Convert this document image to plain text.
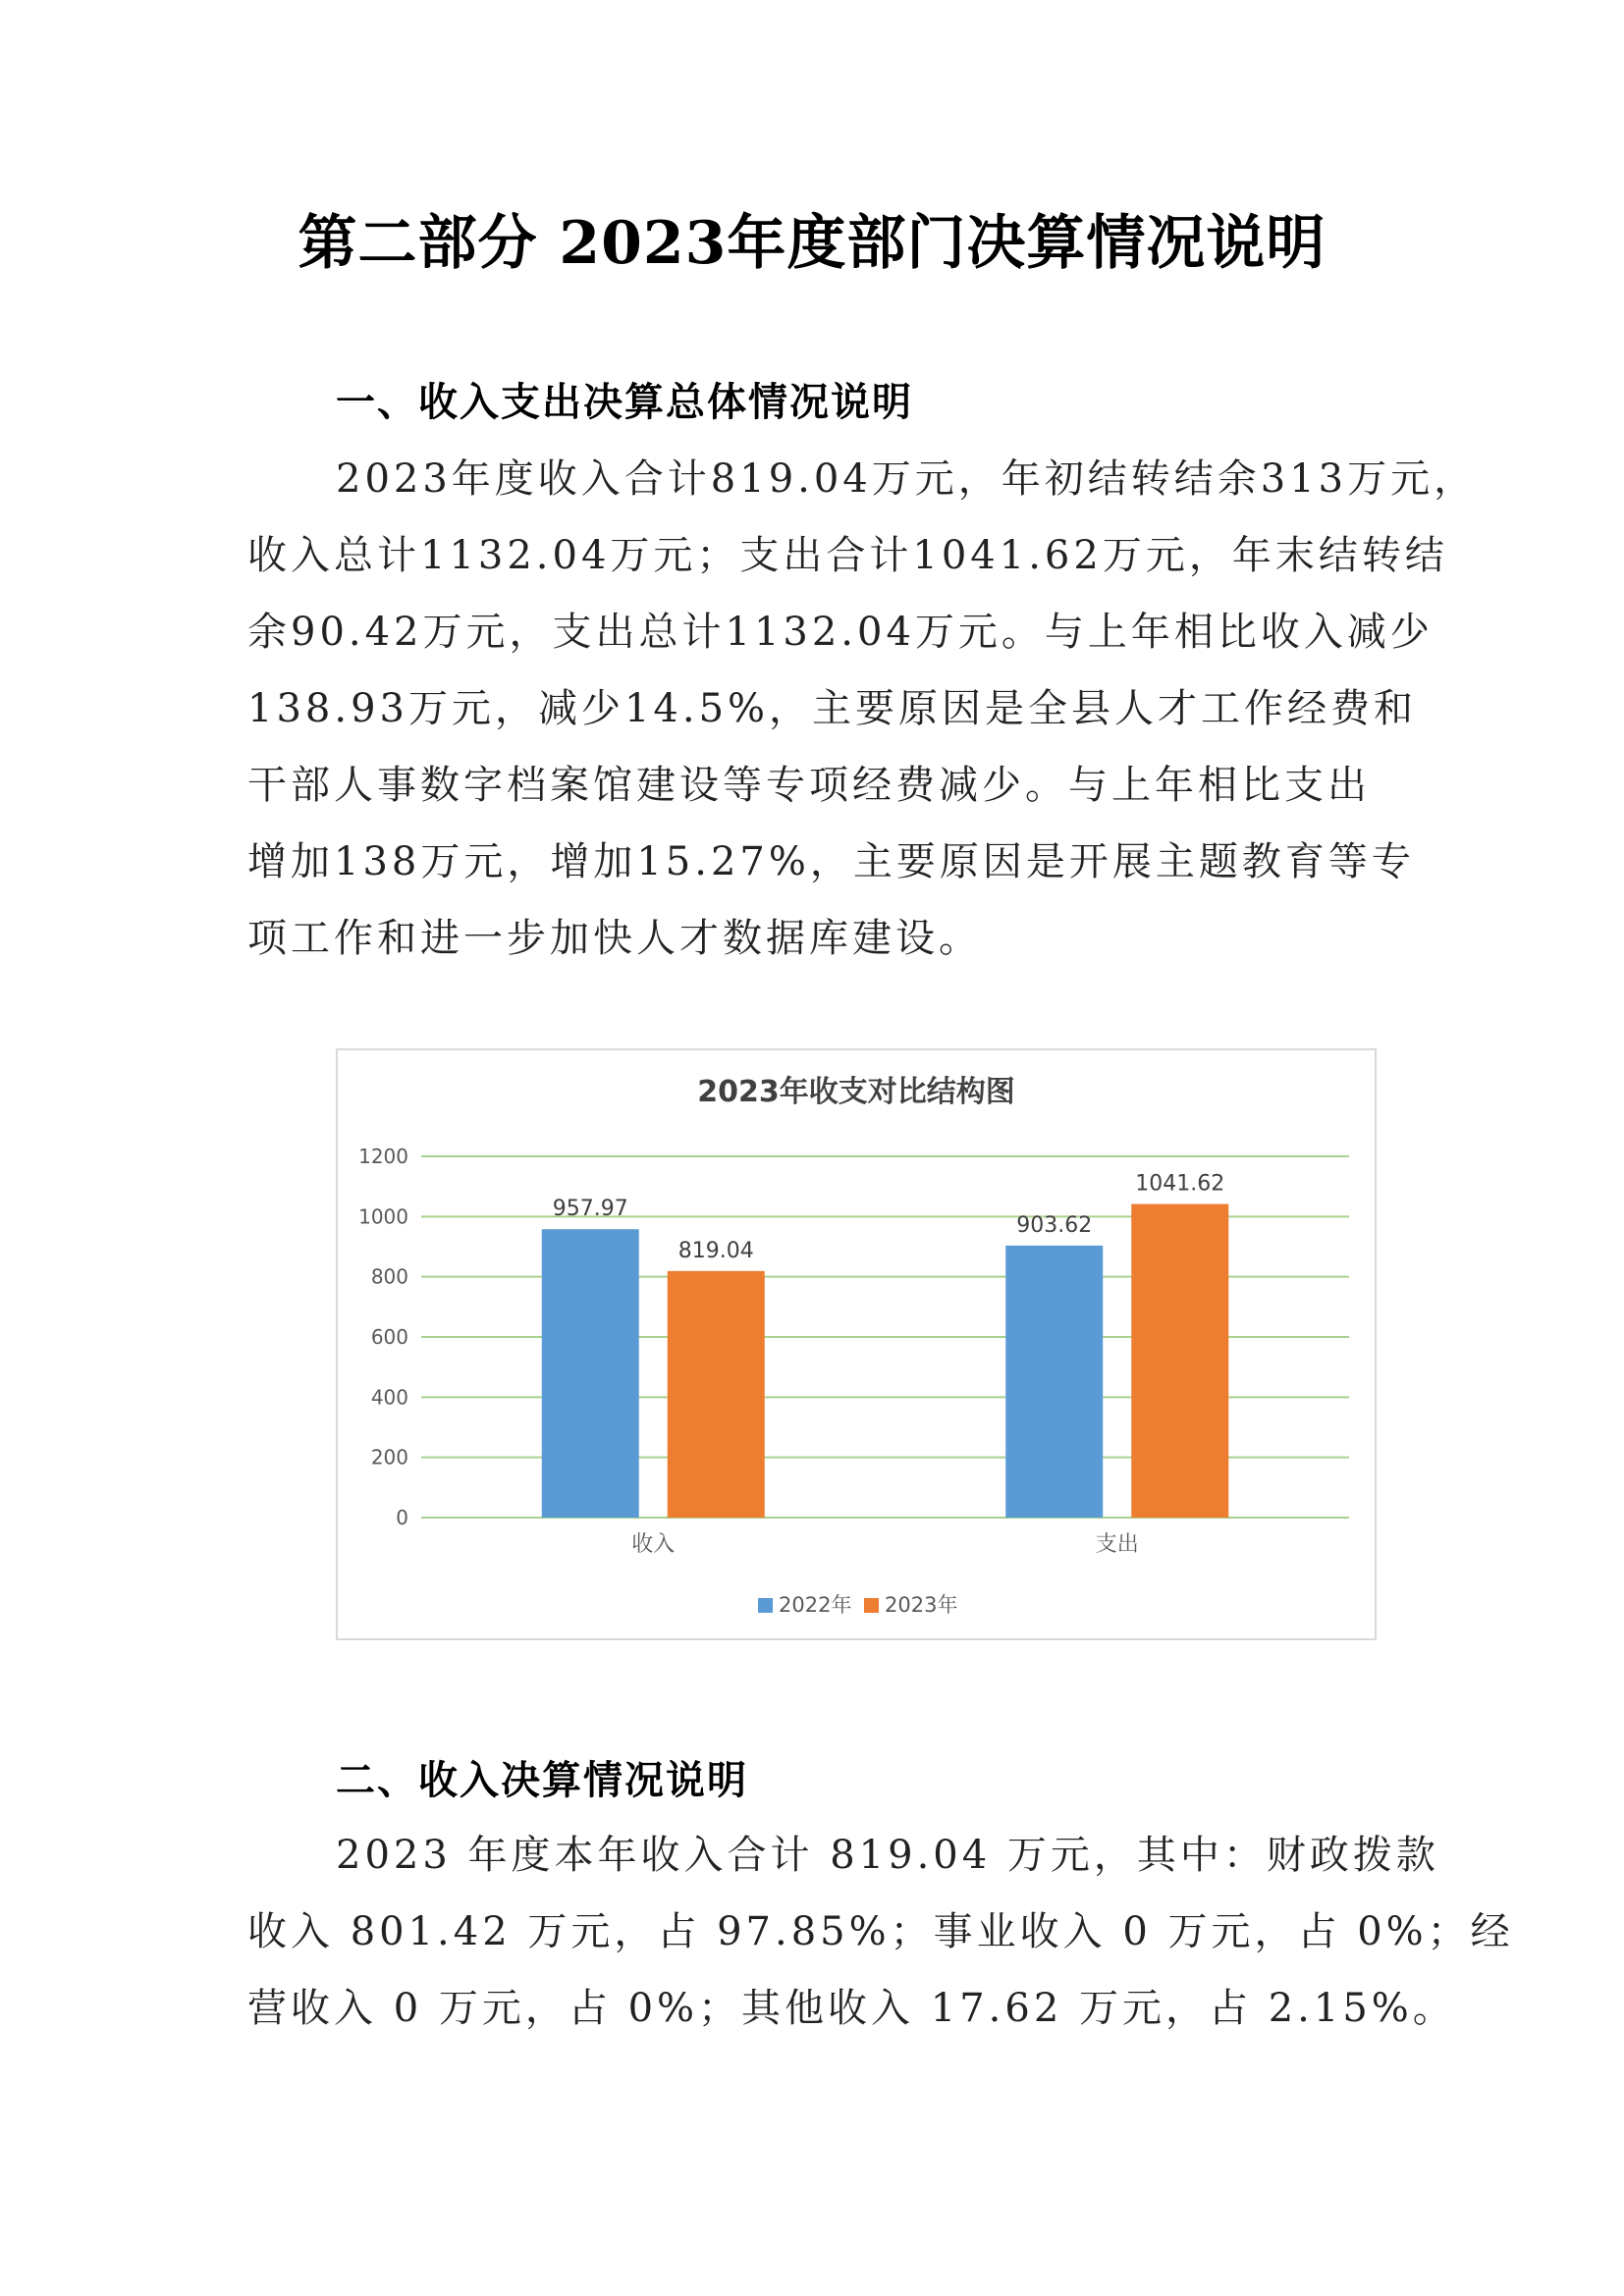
第二部分 2023年度部门决算情况说明
一、收入支出决算总体情况说明
2023年度收入合计819.04万元，年初结转结余313万元，
收入总计1132.04万元；支出合计1041.62万元，年末结转结
余90.42万元，支出总计1132.04万元。与上年相比收入减少
138.93万元，减少14.5%，主要原因是全县人才工作经费和
干部人事数字档案馆建设等专项经费减少。与上年相比支出
增加138万元，增加15.27%，主要原因是开展主题教育等专
项工作和进一步加快人才数据库建设。
2023年收支对比结构图
0
200
400
600
800
1000
1200
957.97
819.04
903.62
1041.62
收入	支出
2022年 2023年
二、收入决算情况说明
2023 年度本年收入合计 819.04 万元，其中：财政拨款
收入 801.42 万元，占 97.85%；事业收入 0 万元，占 0%；经
营收入 0 万元，占 0%；其他收入 17.62 万元，占 2.15%。
